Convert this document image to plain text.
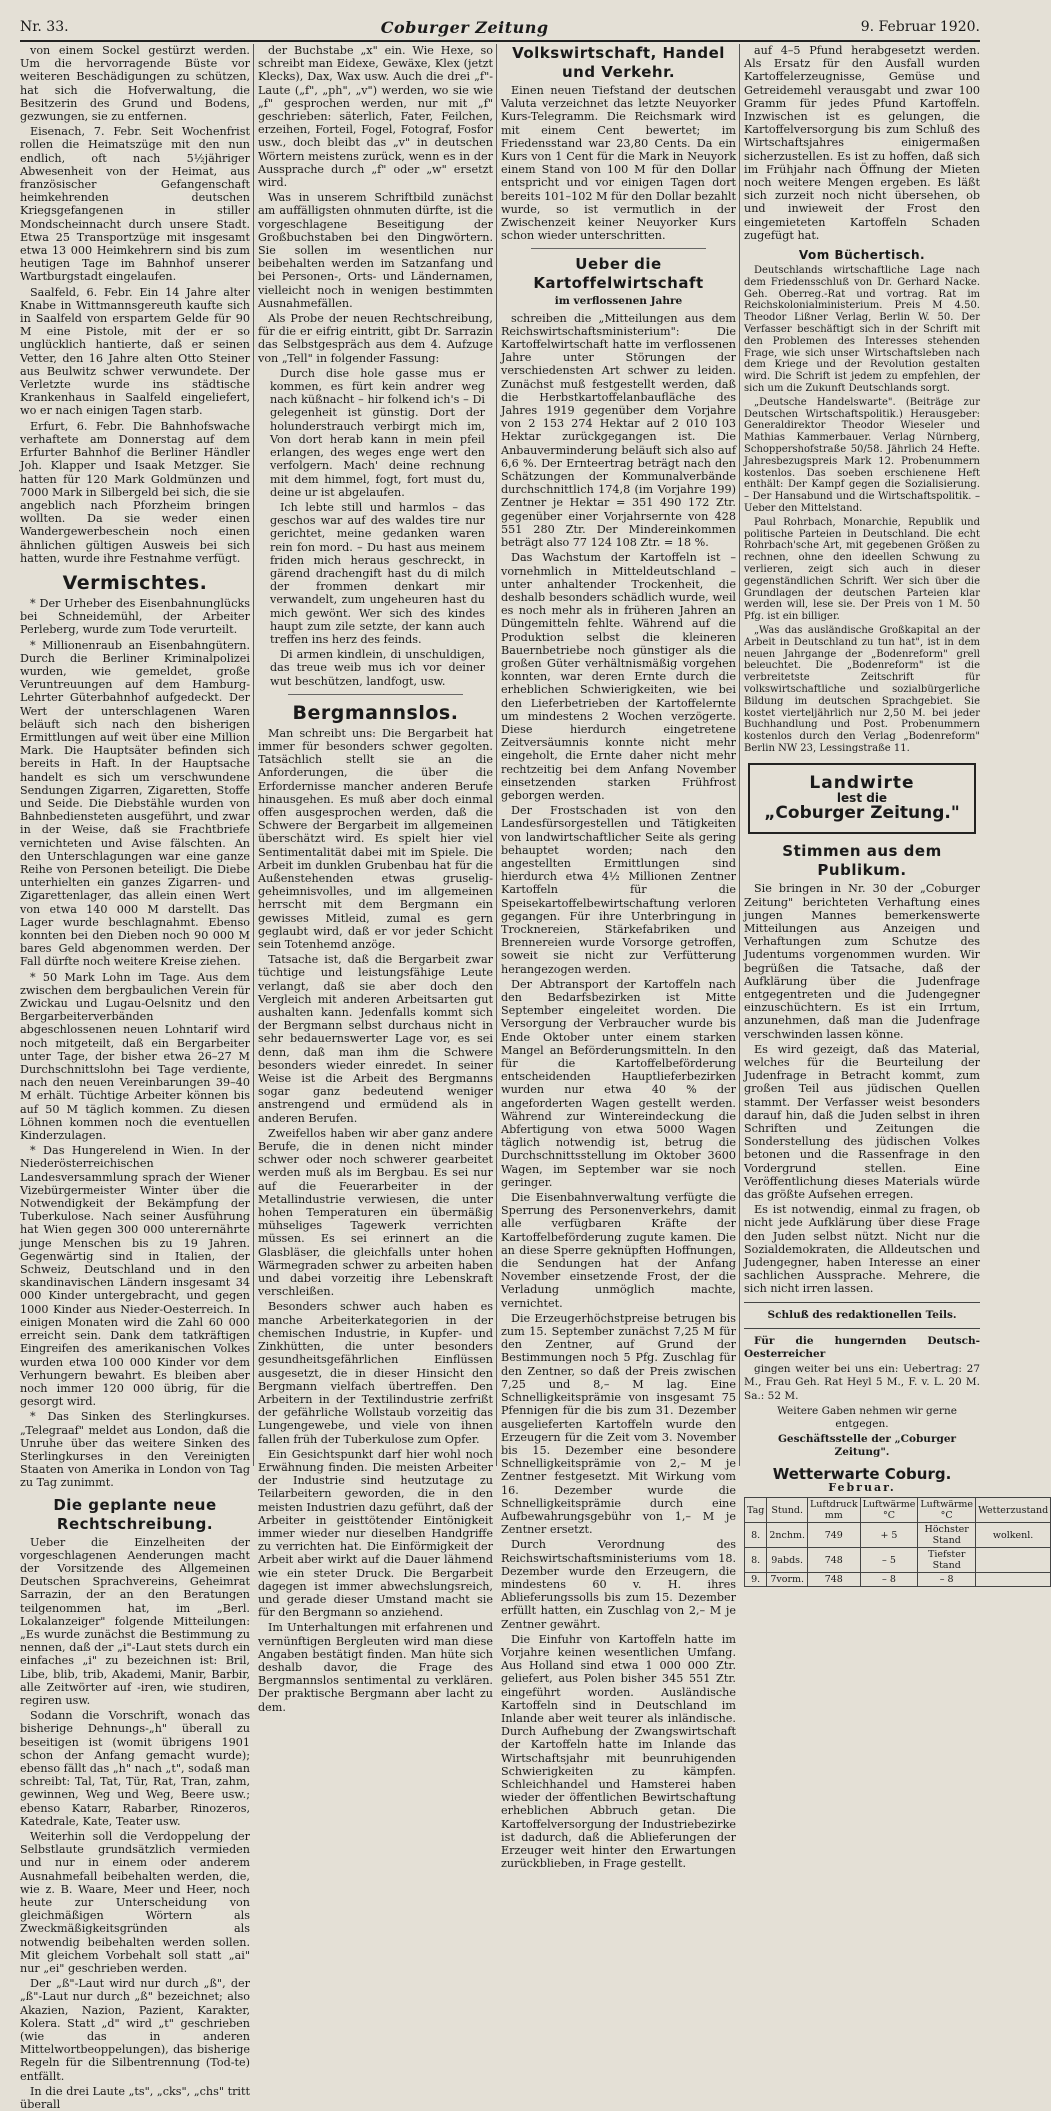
Nr. 33.	Coburger Zeitung	9. Februar 1920.

von einem Sockel gestürzt werden. Um die hervorragende Büste vor weiteren Beschädigungen zu schützen, hat sich die Hofverwaltung, die Besitzerin des Grund und Bodens, gezwungen, sie zu entfernen.

Eisenach, 7. Febr. Seit Wochenfrist rollen die Heimatszüge mit den nun endlich, oft nach 5½jähriger Abwesenheit von der Heimat, aus französischer Gefangenschaft heimkehrenden deutschen Kriegsgefangenen in stiller Mondscheinnacht durch unsere Stadt. Etwa 25 Transportzüge mit insgesamt etwa 13 000 Heimkehrern sind bis zum heutigen Tage im Bahnhof unserer Wartburgstadt eingelaufen.

Saalfeld, 6. Febr. Ein 14 Jahre alter Knabe in Wittmannsgereuth kaufte sich in Saalfeld von erspartem Gelde für 90 M eine Pistole, mit der er so unglücklich hantierte, daß er seinen Vetter, den 16 Jahre alten Otto Steiner aus Beulwitz schwer verwundete. Der Verletzte wurde ins städtische Krankenhaus in Saalfeld eingeliefert, wo er nach einigen Tagen starb.

Erfurt, 6. Febr. Die Bahnhofswache verhaftete am Donnerstag auf dem Erfurter Bahnhof die Berliner Händler Joh. Klapper und Isaak Metzger. Sie hatten für 120 Mark Goldmünzen und 7000 Mark in Silbergeld bei sich, die sie angeblich nach Pforzheim bringen wollten. Da sie weder einen Wandergewerbeschein noch einen ähnlichen gültigen Ausweis bei sich hatten, wurde ihre Festnahme verfügt.

Vermischtes.

* Der Urheber des Eisenbahnunglücks bei Schneidemühl, der Arbeiter Perleberg, wurde zum Tode verurteilt.

* Millionenraub an Eisenbahngütern. Durch die Berliner Kriminalpolizei wurden, wie gemeldet, große Veruntreuungen auf dem Hamburg-Lehrter Güterbahnhof aufgedeckt. Der Wert der unterschlagenen Waren beläuft sich nach den bisherigen Ermittlungen auf weit über eine Million Mark. Die Hauptsäter befinden sich bereits in Haft. In der Hauptsache handelt es sich um verschwundene Sendungen Zigarren, Zigaretten, Stoffe und Seide. Die Diebstähle wurden von Bahnbediensteten ausgeführt, und zwar in der Weise, daß sie Frachtbriefe vernichteten und Avise fälschten. An den Unterschlagungen war eine ganze Reihe von Personen beteiligt. Die Diebe unterhielten ein ganzes Zigarren- und Zigarettenlager, das allein einen Wert von etwa 140 000 M darstellt. Das Lager wurde beschlagnahmt. Ebenso konnten bei den Dieben noch 90 000 M bares Geld abgenommen werden. Der Fall dürfte noch weitere Kreise ziehen.

* 50 Mark Lohn im Tage. Aus dem zwischen dem bergbaulichen Verein für Zwickau und Lugau-Oelsnitz und den Bergarbeiterverbänden abgeschlossenen neuen Lohntarif wird noch mitgeteilt, daß ein Bergarbeiter unter Tage, der bisher etwa 26–27 M Durchschnittslohn bei Tage verdiente, nach den neuen Vereinbarungen 39–40 M erhält. Tüchtige Arbeiter können bis auf 50 M täglich kommen. Zu diesen Löhnen kommen noch die eventuellen Kinderzulagen.

* Das Hungerelend in Wien. In der Niederösterreichischen Landesversammlung sprach der Wiener Vizebürgermeister Winter über die Notwendigkeit der Bekämpfung der Tuberkulose. Nach seiner Ausführung hat Wien gegen 300 000 unterernährte junge Menschen bis zu 19 Jahren. Gegenwärtig sind in Italien, der Schweiz, Deutschland und in den skandinavischen Ländern insgesamt 34 000 Kinder untergebracht, und gegen 1000 Kinder aus Nieder-Oesterreich. In einigen Monaten wird die Zahl 60 000 erreicht sein. Dank dem tatkräftigen Eingreifen des amerikanischen Volkes wurden etwa 100 000 Kinder vor dem Verhungern bewahrt. Es bleiben aber noch immer 120 000 übrig, für die gesorgt wird.

* Das Sinken des Sterlingkurses. „Telegraaf" meldet aus London, daß die Unruhe über das weitere Sinken des Sterlingkurses in den Vereinigten Staaten von Amerika in London von Tag zu Tag zunimmt.

Die geplante neue Rechtschreibung.

Ueber die Einzelheiten der vorgeschlagenen Aenderungen macht der Vorsitzende des Allgemeinen Deutschen Sprachvereins, Geheimrat Sarrazin, der an den Beratungen teilgenommen hat, im „Berl. Lokalanzeiger" folgende Mitteilungen: „Es wurde zunächst die Bestimmung zu nennen, daß der „i"-Laut stets durch ein einfaches „i" zu bezeichnen ist: Bril, Libe, blib, trib, Akademi, Manir, Barbir, alle Zeitwörter auf -iren, wie studiren, regiren usw.

Sodann die Vorschrift, wonach das bisherige Dehnungs-„h" überall zu beseitigen ist (womit übrigens 1901 schon der Anfang gemacht wurde); ebenso fällt das „h" nach „t", sodaß man schreibt: Tal, Tat, Tür, Rat, Tran, zahm, gewinnen, Weg und Weg, Beere usw.; ebenso Katarr, Rabarber, Rinozeros, Katedrale, Kate, Teater usw.

Weiterhin soll die Verdoppelung der Selbstlaute grundsätzlich vermieden und nur in einem oder anderem Ausnahmefall beibehalten werden, die, wie z. B. Waare, Meer und Heer, noch heute zur Unterscheidung von gleichmäßigen Wörtern als Zweckmäßigkeitsgründen als notwendig beibehalten werden sollen. Mit gleichem Vorbehalt soll statt „ai" nur „ei" geschrieben werden.

Der „ß"-Laut wird nur durch „ß", der „ß"-Laut nur durch „ß" bezeichnet; also Akazien, Nazion, Pazient, Karakter, Kolera. Statt „d" wird „t" geschrieben (wie das in anderen Mittelwortbeoppelungen), das bisherige Regeln für die Silbentrennung (Tod-te) entfällt.

In die drei Laute „ts", „cks", „chs" tritt überall

der Buchstabe „x" ein. Wie Hexe, so schreibt man Eidexe, Gewäxe, Klex (jetzt Klecks), Dax, Wax usw. Auch die drei „f"-Laute („f", „ph", „v") werden, wo sie wie „f" gesprochen werden, nur mit „f" geschrieben: säterlich, Fater, Feilchen, erzeihen, Forteil, Fogel, Fotograf, Fosfor usw., doch bleibt das „v" in deutschen Wörtern meistens zurück, wenn es in der Aussprache durch „f" oder „w" ersetzt wird.

Was in unserem Schriftbild zunächst am auffälligsten ohnmuten dürfte, ist die vorgeschlagene Beseitigung der Großbuchstaben bei den Dingwörtern. Sie sollen im wesentlichen nur beibehalten werden im Satzanfang und bei Personen-, Orts- und Ländernamen, vielleicht noch in wenigen bestimmten Ausnahmefällen.

Als Probe der neuen Rechtschreibung, für die er eifrig eintritt, gibt Dr. Sarrazin das Selbstgespräch aus dem 4. Aufzuge von „Tell" in folgender Fassung:

Durch dise hole gasse mus er kommen, es fürt kein andrer weg nach küßnacht – hir folkend ich's – Di gelegenheit ist günstig. Dort der holunderstrauch verbirgt mich im, Von dort herab kann in mein pfeil erlangen, des weges enge wert den verfolgern. Mach' deine rechnung mit dem himmel, fogt, fort must du, deine ur ist abgelaufen.

Ich lebte still und harmlos – das geschos war auf des waldes tire nur gerichtet, meine gedanken waren rein fon mord. – Du hast aus meinem friden mich heraus geschreckt, in gärend drachengift hast du di milch der frommen denkart mir verwandelt, zum ungeheuren hast du mich gewönt. Wer sich des kindes haupt zum zile setzte, der kann auch treffen ins herz des feinds.

Di armen kindlein, di unschuldigen, das treue weib mus ich vor deiner wut beschützen, landfogt, usw.

Bergmannslos.

Man schreibt uns: Die Bergarbeit hat immer für besonders schwer gegolten. Tatsächlich stellt sie an die Anforderungen, die über die Erfordernisse mancher anderen Berufe hinausgehen. Es muß aber doch einmal offen ausgesprochen werden, daß die Schwere der Bergarbeit im allgemeinen überschätzt wird. Es spielt hier viel Sentimentalität dabei mit im Spiele. Die Arbeit im dunklen Grubenbau hat für die Außenstehenden etwas gruselig-geheimnisvolles, und im allgemeinen herrscht mit dem Bergmann ein gewisses Mitleid, zumal es gern geglaubt wird, daß er vor jeder Schicht sein Totenhemd anzöge.

Tatsache ist, daß die Bergarbeit zwar tüchtige und leistungsfähige Leute verlangt, daß sie aber doch den Vergleich mit anderen Arbeitsarten gut aushalten kann. Jedenfalls kommt sich der Bergmann selbst durchaus nicht in sehr bedauernswerter Lage vor, es sei denn, daß man ihm die Schwere besonders wieder einredet. In seiner Weise ist die Arbeit des Bergmanns sogar ganz bedeutend weniger anstrengend und ermüdend als in anderen Berufen.

Zweifellos haben wir aber ganz andere Berufe, die in denen nicht minder schwer oder noch schwerer gearbeitet werden muß als im Bergbau. Es sei nur auf die Feuerarbeiter in der Metallindustrie verwiesen, die unter hohen Temperaturen ein übermäßig mühseliges Tagewerk verrichten müssen. Es sei erinnert an die Glasbläser, die gleichfalls unter hohen Wärmegraden schwer zu arbeiten haben und dabei vorzeitig ihre Lebenskraft verschleißen.

Besonders schwer auch haben es manche Arbeiterkategorien in der chemischen Industrie, in Kupfer- und Zinkhütten, die unter besonders gesundheitsgefährlichen Einflüssen ausgesetzt, die in dieser Hinsicht den Bergmann vielfach übertreffen. Den Arbeitern in der Textilindustrie zerfrißt der gefährliche Wollstaub vorzeitig das Lungengewebe, und viele von ihnen fallen früh der Tuberkulose zum Opfer.

Ein Gesichtspunkt darf hier wohl noch Erwähnung finden. Die meisten Arbeiter der Industrie sind heutzutage zu Teilarbeitern geworden, die in den meisten Industrien dazu geführt, daß der Arbeiter in geisttötender Eintönigkeit immer wieder nur dieselben Handgriffe zu verrichten hat. Die Einförmigkeit der Arbeit aber wirkt auf die Dauer lähmend wie ein steter Druck. Die Bergarbeit dagegen ist immer abwechslungsreich, und gerade dieser Umstand macht sie für den Bergmann so anziehend.

Im Unterhaltungen mit erfahrenen und vernünftigen Bergleuten wird man diese Angaben bestätigt finden. Man hüte sich deshalb davor, die Frage des Bergmannslos sentimental zu verklären. Der praktische Bergmann aber lacht zu dem.

Volkswirtschaft, Handel und Verkehr.

Einen neuen Tiefstand der deutschen Valuta verzeichnet das letzte Neuyorker Kurs-Telegramm. Die Reichsmark wird mit einem Cent bewertet; im Friedensstand war 23,80 Cents. Da ein Kurs von 1 Cent für die Mark in Neuyork einem Stand von 100 M für den Dollar entspricht und vor einigen Tagen dort bereits 101–102 M für den Dollar bezahlt wurde, so ist vermutlich in der Zwischenzeit keiner Neuyorker Kurs schon wieder unterschritten.

Ueber die Kartoffelwirtschaft
im verflossenen Jahre

schreiben die „Mitteilungen aus dem Reichswirtschaftsministerium": Die Kartoffelwirtschaft hatte im verflossenen Jahre unter Störungen der verschiedensten Art schwer zu leiden. Zunächst muß festgestellt werden, daß die Herbstkartoffelanbaufläche des Jahres 1919 gegenüber dem Vorjahre von 2 153 274 Hektar auf 2 010 103 Hektar zurückgegangen ist. Die Anbauverminderung beläuft sich also auf 6,6 %. Der Ernteertrag beträgt nach den Schätzungen der Kommunalverbände durchschnittlich 174,8 (im Vorjahre 199) Zentner je Hektar = 351 490 172 Ztr. gegenüber einer Vorjahrsernte von 428 551 280 Ztr. Der Mindereinkommen beträgt also 77 124 108 Ztr. = 18 %.

Das Wachstum der Kartoffeln ist – vornehmlich in Mitteldeutschland – unter anhaltender Trockenheit, die deshalb besonders schädlich wurde, weil es noch mehr als in früheren Jahren an Düngemitteln fehlte. Während auf die Produktion selbst die kleineren Bauernbetriebe noch günstiger als die großen Güter verhältnismäßig vorgehen konnten, war deren Ernte durch die erheblichen Schwierigkeiten, wie bei den Lieferbetrieben der Kartoffelernte um mindestens 2 Wochen verzögerte. Diese hierdurch eingetretene Zeitversäumnis konnte nicht mehr eingeholt, die Ernte daher nicht mehr rechtzeitig bei dem Anfang November einsetzenden starken Frühfrost geborgen werden.

Der Frostschaden ist von den Landesfürsorgestellen und Tätigkeiten von landwirtschaftlicher Seite als gering behauptet worden; nach den angestellten Ermittlungen sind hierdurch etwa 4½ Millionen Zentner Kartoffeln für die Speisekartoffelbewirtschaftung verloren gegangen. Für ihre Unterbringung in Trocknereien, Stärkefabriken und Brennereien wurde Vorsorge getroffen, soweit sie nicht zur Verfütterung herangezogen werden.

Der Abtransport der Kartoffeln nach den Bedarfsbezirken ist Mitte September eingeleitet worden. Die Versorgung der Verbraucher wurde bis Ende Oktober unter einem starken Mangel an Beförderungsmitteln. In den für die Kartoffelbeförderung entscheidenden Hauptlieferbezirken wurden nur etwa 40 % der angeforderten Wagen gestellt werden. Während zur Wintereindeckung die Abfertigung von etwa 5000 Wagen täglich notwendig ist, betrug die Durchschnittsstellung im Oktober 3600 Wagen, im September war sie noch geringer.

Die Eisenbahnverwaltung verfügte die Sperrung des Personenverkehrs, damit alle verfügbaren Kräfte der Kartoffelbeförderung zugute kamen. Die an diese Sperre geknüpften Hoffnungen, die Sendungen hat der Anfang November einsetzende Frost, der die Verladung unmöglich machte, vernichtet.

Die Erzeugerhöchstpreise betrugen bis zum 15. September zunächst 7,25 M für den Zentner, auf Grund der Bestimmungen noch 5 Pfg. Zuschlag für den Zentner, so daß der Preis zwischen 7,25 und 8,– M lag. Eine Schnelligkeitsprämie von insgesamt 75 Pfennigen für die bis zum 31. Dezember ausgelieferten Kartoffeln wurde den Erzeugern für die Zeit vom 3. November bis 15. Dezember eine besondere Schnelligkeitsprämie von 2,– M je Zentner festgesetzt. Mit Wirkung vom 16. Dezember wurde die Schnelligkeitsprämie durch eine Aufbewahrungsgebühr von 1,– M je Zentner ersetzt.

Durch Verordnung des Reichswirtschaftsministeriums vom 18. Dezember wurde den Erzeugern, die mindestens 60 v. H. ihres Ablieferungssolls bis zum 15. Dezember erfüllt hatten, ein Zuschlag von 2,– M je Zentner gewährt.

Die Einfuhr von Kartoffeln hatte im Vorjahre keinen wesentlichen Umfang. Aus Holland sind etwa 1 000 000 Ztr. geliefert, aus Polen bisher 345 551 Ztr. eingeführt worden. Ausländische Kartoffeln sind in Deutschland im Inlande aber weit teurer als inländische. Durch Aufhebung der Zwangswirtschaft der Kartoffeln hatte im Inlande das Wirtschaftsjahr mit beunruhigenden Schwierigkeiten zu kämpfen. Schleichhandel und Hamsterei haben wieder der öffentlichen Bewirtschaftung erheblichen Abbruch getan. Die Kartoffelversorgung der Industriebezirke ist dadurch, daß die Ablieferungen der Erzeuger weit hinter den Erwartungen zurückblieben, in Frage gestellt.

auf 4–5 Pfund herabgesetzt werden. Als Ersatz für den Ausfall wurden Kartoffelerzeugnisse, Gemüse und Getreidemehl verausgabt und zwar 100 Gramm für jedes Pfund Kartoffeln. Inzwischen ist es gelungen, die Kartoffelversorgung bis zum Schluß des Wirtschaftsjahres einigermaßen sicherzustellen. Es ist zu hoffen, daß sich im Frühjahr nach Öffnung der Mieten noch weitere Mengen ergeben. Es läßt sich zurzeit noch nicht übersehen, ob und inwieweit der Frost den eingemieteten Kartoffeln Schaden zugefügt hat.

Vom Büchertisch.

Deutschlands wirtschaftliche Lage nach dem Friedensschluß von Dr. Gerhard Nacke. Geh. Oberreg.-Rat und vortrag. Rat im Reichskolonialministerium. Preis M 4.50. Theodor Lißner Verlag, Berlin W. 50. Der Verfasser beschäftigt sich in der Schrift mit den Problemen des Interesses stehenden Frage, wie sich unser Wirtschaftsleben nach dem Kriege und der Revolution gestalten wird. Die Schrift ist jedem zu empfehlen, der sich um die Zukunft Deutschlands sorgt.

„Deutsche Handelswarte". (Beiträge zur Deutschen Wirtschaftspolitik.) Herausgeber: Generaldirektor Theodor Wieseler und Mathias Kammerbauer. Verlag Nürnberg, Schoppershofstraße 50/58. Jährlich 24 Hefte. Jahresbezugspreis Mark 12. Probenummern kostenlos. Das soeben erschienene Heft enthält: Der Kampf gegen die Sozialisierung. – Der Hansabund und die Wirtschaftspolitik. – Ueber den Mittelstand.

Paul Rohrbach, Monarchie, Republik und politische Parteien in Deutschland. Die echt Rohrbach'sche Art, mit gegebenen Größen zu rechnen, ohne den ideellen Schwung zu verlieren, zeigt sich auch in dieser gegenständlichen Schrift. Wer sich über die Grundlagen der deutschen Parteien klar werden will, lese sie. Der Preis von 1 M. 50 Pfg. ist ein billiger.

„Was das ausländische Großkapital an der Arbeit in Deutschland zu tun hat", ist in dem neuen Jahrgange der „Bodenreform" grell beleuchtet. Die „Bodenreform" ist die verbreitetste Zeitschrift für volkswirtschaftliche und sozialbürgerliche Bildung im deutschen Sprachgebiet. Sie kostet vierteljährlich nur 2,50 M. bei jeder Buchhandlung und Post. Probenummern kostenlos durch den Verlag „Bodenreform" Berlin NW 23, Lessingstraße 11.

Landwirte
lest die
„Coburger Zeitung."
Stimmen aus dem Publikum.

Sie bringen in Nr. 30 der „Coburger Zeitung" berichteten Verhaftung eines jungen Mannes bemerkenswerte Mitteilungen aus Anzeigen und Verhaftungen zum Schutze des Judentums vorgenommen wurden. Wir begrüßen die Tatsache, daß der Aufklärung über die Judenfrage entgegentreten und die Judengegner einzuschüchtern. Es ist ein Irrtum, anzunehmen, daß man die Judenfrage verschwinden lassen könne.

Es wird gezeigt, daß das Material, welches für die Beurteilung der Judenfrage in Betracht kommt, zum großen Teil aus jüdischen Quellen stammt. Der Verfasser weist besonders darauf hin, daß die Juden selbst in ihren Schriften und Zeitungen die Sonderstellung des jüdischen Volkes betonen und die Rassenfrage in den Vordergrund stellen. Eine Veröffentlichung dieses Materials würde das größte Aufsehen erregen.

Es ist notwendig, einmal zu fragen, ob nicht jede Aufklärung über diese Frage den Juden selbst nützt. Nicht nur die Sozialdemokraten, die Alldeutschen und Judengegner, haben Interesse an einer sachlichen Aussprache. Mehrere, die sich nicht irren lassen.

Schluß des redaktionellen Teils.

Für die hungernden Deutsch-Oesterreicher

gingen weiter bei uns ein: Uebertrag: 27 M., Frau Geh. Rat Heyl 5 M., F. v. L. 20 M. Sa.: 52 M.

Weitere Gaben nehmen wir gerne entgegen.

Geschäftsstelle der „Coburger Zeitung".

Wetterwarte Coburg.
Februar.
Tag	Stund.	Luftdruck mm	Luftwärme °C	Luftwärme °C	Wetterzustand
8.	2nchm.	749	+ 5	Höchster Stand	wolkenl.
8.	9abds.	748	– 5	Tiefster Stand	
9.	7vorm.	748	– 8	– 8	
